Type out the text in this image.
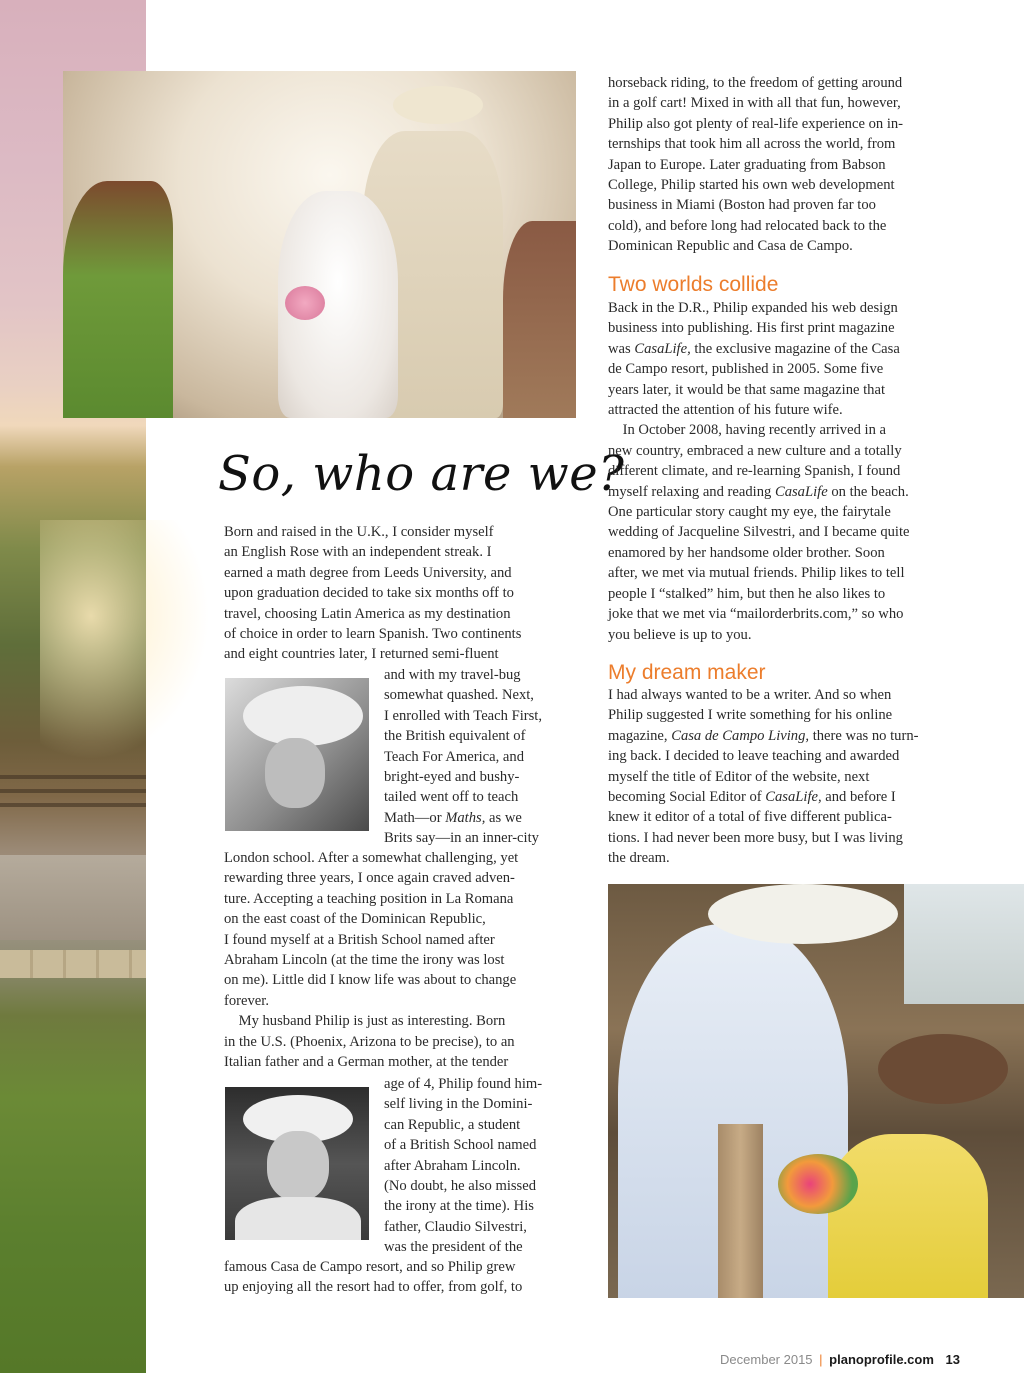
So, who are we?
Born and raised in the U.K., I consider myself
an English Rose with an independent streak. I
earned a math degree from Leeds University, and
upon graduation decided to take six months off to
travel, choosing Latin America as my destination
of choice in order to learn Spanish. Two continents
and eight countries later, I returned semi-fluent
and with my travel-bug
somewhat quashed. Next,
I enrolled with Teach First,
the British equivalent of
Teach For America, and
bright-eyed and bushy-
tailed went off to teach
Math—or Maths, as we
Brits say—in an inner-city
London school. After a somewhat challenging, yet
rewarding three years, I once again craved adven-
ture. Accepting a teaching position in La Romana
on the east coast of the Dominican Republic,
I found myself at a British School named after
Abraham Lincoln (at the time the irony was lost
on me). Little did I know life was about to change
forever.
 My husband Philip is just as interesting. Born
in the U.S. (Phoenix, Arizona to be precise), to an
Italian father and a German mother, at the tender
age of 4, Philip found him-
self living in the Domini-
can Republic, a student
of a British School named
after Abraham Lincoln.
(No doubt, he also missed
the irony at the time). His
father, Claudio Silvestri,
was the president of the
famous Casa de Campo resort, and so Philip grew
up enjoying all the resort had to offer, from golf, to
horseback riding, to the freedom of getting around
in a golf cart! Mixed in with all that fun, however,
Philip also got plenty of real-life experience on in-
ternships that took him all across the world, from
Japan to Europe. Later graduating from Babson
College, Philip started his own web development
business in Miami (Boston had proven far too
cold), and before long had relocated back to the
Dominican Republic and Casa de Campo.
Two worlds collide
Back in the D.R., Philip expanded his web design
business into publishing. His first print magazine
was CasaLife, the exclusive magazine of the Casa
de Campo resort, published in 2005. Some five
years later, it would be that same magazine that
attracted the attention of his future wife.
 In October 2008, having recently arrived in a
new country, embraced a new culture and a totally
different climate, and re-learning Spanish, I found
myself relaxing and reading CasaLife on the beach.
One particular story caught my eye, the fairytale
wedding of Jacqueline Silvestri, and I became quite
enamored by her handsome older brother. Soon
after, we met via mutual friends. Philip likes to tell
people I “stalked” him, but then he also likes to
joke that we met via “mailorderbrits.com,” so who
you believe is up to you.
My dream maker
I had always wanted to be a writer. And so when
Philip suggested I write something for his online
magazine, Casa de Campo Living, there was no turn-
ing back. I decided to leave teaching and awarded
myself the title of Editor of the website, next
becoming Social Editor of CasaLife, and before I
knew it editor of a total of five different publica-
tions. I had never been more busy, but I was living
the dream.
December 2015 | planoprofile.com 13
